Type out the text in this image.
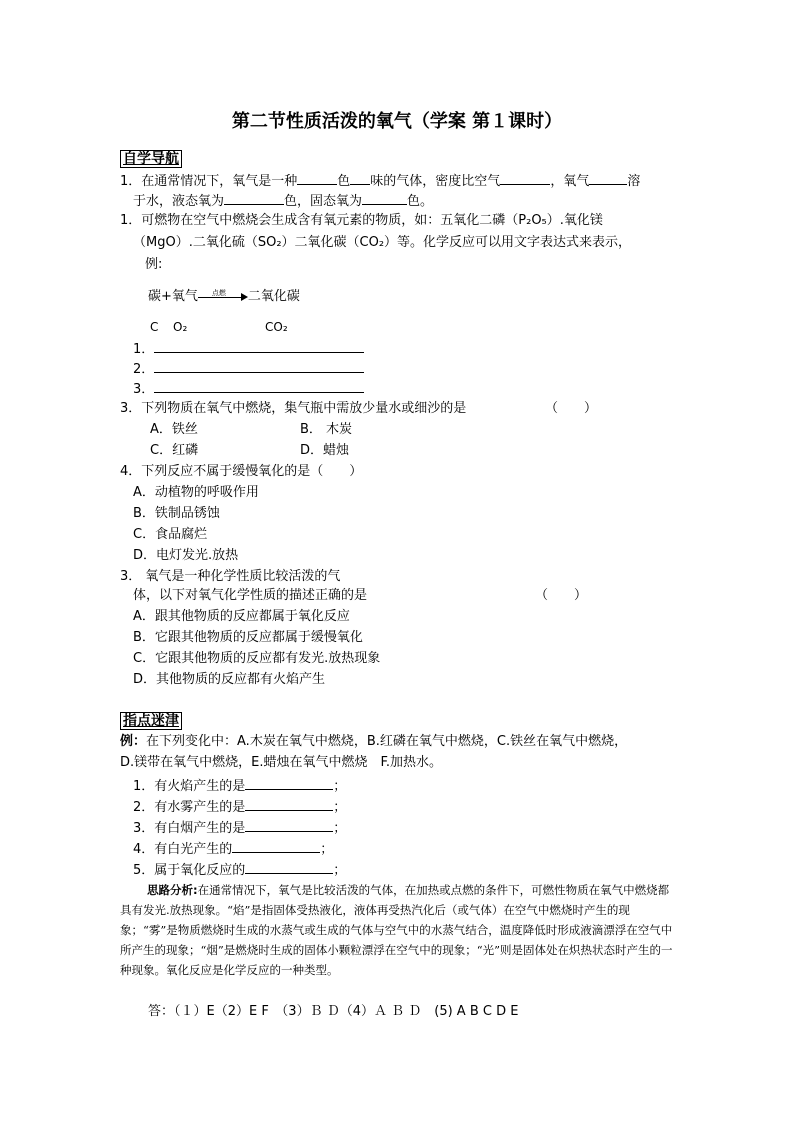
第二节性质活泼的氧气（学案 第１课时）
自学导航
1．在通常情况下，氧气是一种	色 味的气体，密度比空气	，氧气	溶
于水，液态氧为	色，固态氧为	色。
1．可燃物在空气中燃烧会生成含有氧元素的物质，如：五氧化二磷（P₂O₅）.氧化镁
（MgO）.二氧化硫（SO₂）二氧化碳（CO₂）等。化学反应可以用文字表达式来表示，
例:
碳+氧气 点燃 二氧化碳
C O₂	CO₂
1．
2．
3．
3．下列物质在氧气中燃烧，集气瓶中需放少量水或细沙的是	（　　）
A．铁丝	B． 木炭
C．红磷	D．蜡烛
4．下列反应不属于缓慢氧化的是（　　）
A．动植物的呼吸作用
B．铁制品锈蚀
C．食品腐烂
D．电灯发光.放热
3． 氧气是一种化学性质比较活泼的气
体，以下对氧气化学性质的描述正确的是	（　　）
A．跟其他物质的反应都属于氧化反应
B．它跟其他物质的反应都属于缓慢氧化
C．它跟其他物质的反应都有发光.放热现象
D．其他物质的反应都有火焰产生
指点迷津
例：在下列变化中：A.木炭在氧气中燃烧，B.红磷在氧气中燃烧，C.铁丝在氧气中燃烧，
D.镁带在氧气中燃烧，E.蜡烛在氧气中燃烧　F.加热水。
1．有火焰产生的是	；
2．有水雾产生的是	；
3．有白烟产生的是	；
4．有白光产生的	；
5．属于氧化反应的	；
思路分析:在通常情况下，氧气是比较活泼的气体，在加热或点燃的条件下，可燃性物质在氧气中燃烧都具有发光.放热现象。“焰”是指固体受热液化，液体再受热汽化后（或气体）在空气中燃烧时产生的现象；“雾”是物质燃烧时生成的水蒸气或生成的气体与空气中的水蒸气结合，温度降低时形成液滴漂浮在空气中所产生的现象；“烟”是燃烧时生成的固体小颗粒漂浮在空气中的现象；“光”则是固体处在炽热状态时产生的一种现象。氧化反应是化学反应的一种类型。
答：（１）E（2）E F　（3）Ｂ Ｄ（4）Ａ Ｂ Ｄ　(5) A B C D E
